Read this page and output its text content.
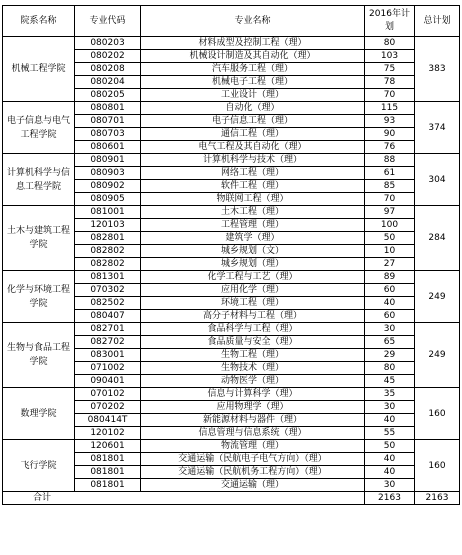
院系名称	专业代码	专业名称	2016年计划	总计划
机械工程学院	080203	材料成型及控制工程（理）	80	383
	080202	机械设计制造及其自动化（理）	103	
	080208	汽车服务工程（理）	75	
	080204	机械电子工程（理）	78	
	080205	工业设计（理）	70	
电子信息与电气工程学院	080801	自动化（理）	115	374
	080701	电子信息工程（理）	93	
	080703	通信工程（理）	90	
	080601	电气工程及其自动化（理）	76	
计算机科学与信息工程学院	080901	计算机科学与技术（理）	88	304
	080903	网络工程（理）	61	
	080902	软件工程（理）	85	
	080905	物联网工程（理）	70	
土木与建筑工程学院	081001	土木工程（理）	97	284
	120103	工程管理（理）	100	
	082801	建筑学（理）	50	
	082802	城乡规划（文）	10	
	082802	城乡规划（理）	27	
化学与环境工程学院	081301	化学工程与工艺（理）	89	249
	070302	应用化学（理）	60	
	082502	环境工程（理）	40	
	080407	高分子材料与工程（理）	60	
生物与食品工程学院	082701	食品科学与工程（理）	30	249
	082702	食品质量与安全（理）	65	
	083001	生物工程（理）	29	
	071002	生物技术（理）	80	
	090401	动物医学（理）	45	
数理学院	070102	信息与计算科学（理）	35	160
	070202	应用物理学（理）	30	
	080414T	新能源材料与器件（理）	40	
	120102	信息管理与信息系统（理）	55	
飞行学院	120601	物流管理（理）	50	160
	081801	交通运输（民航电子电气方向）（理）	40	
	081801	交通运输（民航机务工程方向）（理）	40	
	081801	交通运输（理）	30	
合计			2163	2163
